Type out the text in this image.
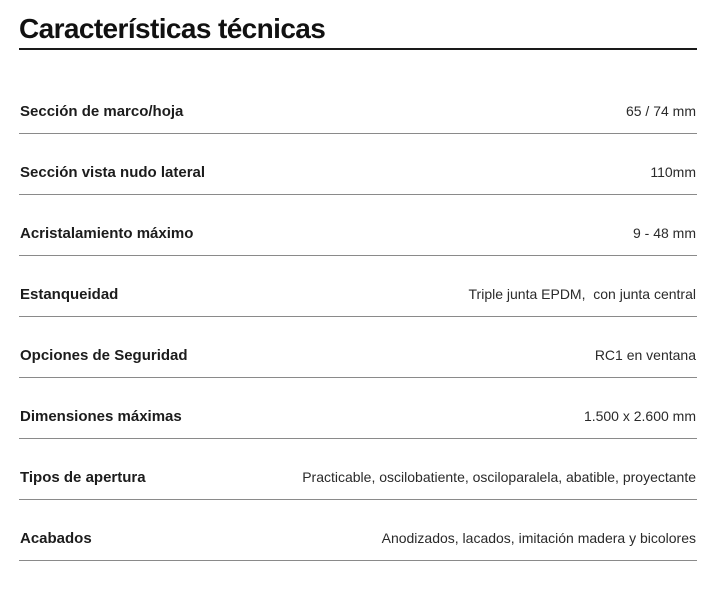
Características técnicas
Sección de marco/hoja	65 / 74 mm
Sección vista nudo lateral	110mm
Acristalamiento máximo	9 - 48 mm
Estanqueidad	Triple junta EPDM,  con junta central
Opciones de Seguridad	RC1 en ventana
Dimensiones máximas	1.500 x 2.600 mm
Tipos de apertura	Practicable, oscilobatiente, osciloparalela, abatible, proyectante
Acabados	Anodizados, lacados, imitación madera y bicolores
